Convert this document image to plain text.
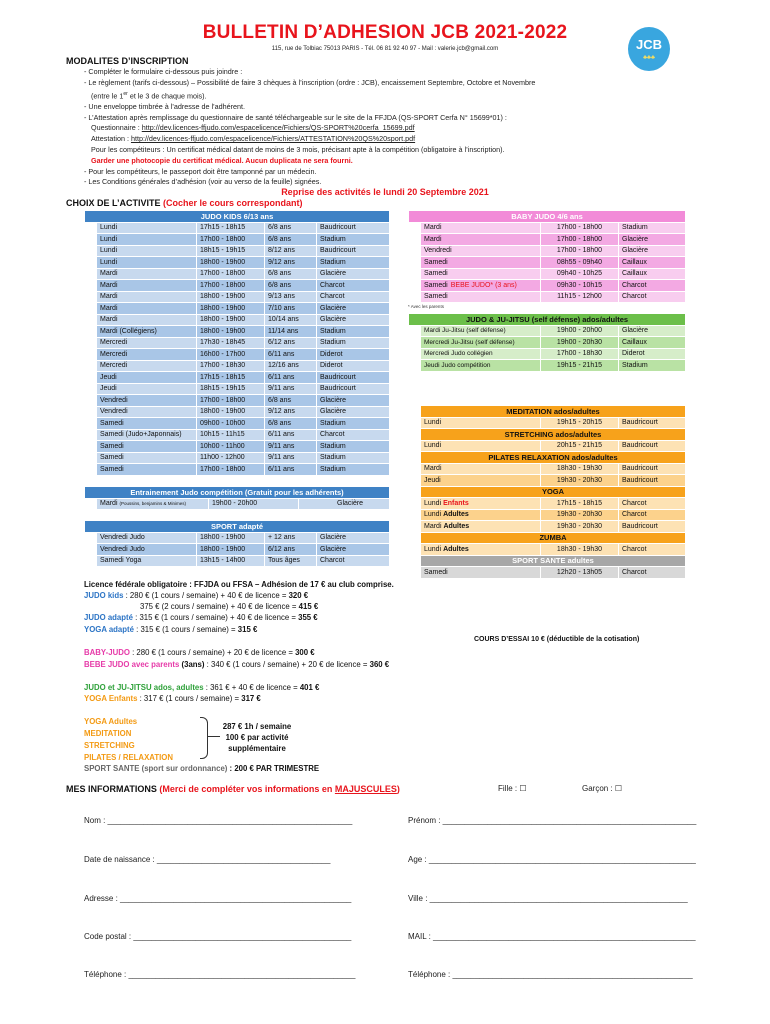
BULLETIN D’ADHESION JCB 2021-2022
115, rue de Tolbiac 75013 PARIS - Tél. 06 81 92 40 97 - Mail : valerie.jcb@gmail.com	JCB
♣♣♣
MODALITES D’INSCRIPTION
- Compléter le formulaire ci-dessous puis joindre :
- Le règlement (tarifs ci-dessous) – Possibilité de faire 3 chèques à l’inscription (ordre : JCB), encaissement Septembre, Octobre et Novembre
(entre le 1er et le 3 de chaque mois).
- Une enveloppe timbrée à l’adresse de l’adhérent.
- L’Attestation après remplissage du questionnaire de santé téléchargeable sur le site de la FFJDA (QS-SPORT Cerfa N° 15699*01) :
Questionnaire : http://dev.licences-ffjudo.com/espacelicence/Fichiers/QS-SPORT%20cerfa_15699.pdf
Attestation : http://dev.licences-ffjudo.com/espacelicence/Fichiers/ATTESTATION%20QS%20sport.pdf
Pour les compétiteurs : Un certificat médical datant de moins de 3 mois, précisant apte à la compétition (obligatoire à l’inscription).
Garder une photocopie du certificat médical. Aucun duplicata ne sera fourni.
- Pour les compétiteurs, le passeport doit être tamponné par un médecin.
- Les Conditions générales d’adhésion (voir au verso de la feuille) signées.
Reprise des activités le lundi 20 Septembre 2021
CHOIX DE L’ACTIVITE (Cocher le cours correspondant)
JUDO KIDS 6/13 ans				
	Lundi	17h15 - 18h15	6/8 ans	Baudricourt
	Lundi	17h00 - 18h00	6/8 ans	Stadium
	Lundi	18h15 - 19h15	8/12 ans	Baudricourt
	Lundi	18h00 - 19h00	9/12 ans	Stadium
	Mardi	17h00 - 18h00	6/8 ans	Glacière
	Mardi	17h00 - 18h00	6/8 ans	Charcot
	Mardi	18h00 - 19h00	9/13 ans	Charcot
	Mardi	18h00 - 19h00	7/10 ans	Glacière
	Mardi	18h00 - 19h00	10/14 ans	Glacière
	Mardi (Collégiens)	18h00 - 19h00	11/14 ans	Stadium
	Mercredi	17h30 - 18h45	6/12 ans	Stadium
	Mercredi	16h00 - 17h00	6/11 ans	Diderot
	Mercredi	17h00 - 18h30	12/16 ans	Diderot
	Jeudi	17h15 - 18h15	6/11 ans	Baudricourt
	Jeudi	18h15 - 19h15	9/11 ans	Baudricourt
	Vendredi	17h00 - 18h00	6/8 ans	Glacière
	Vendredi	18h00 - 19h00	9/12 ans	Glacière
	Samedi	09h00 - 10h00	6/8 ans	Stadium
	Samedi (Judo+Japonnais)	10h15 - 11h15	6/11 ans	Charcot
	Samedi	10h00 - 11h00	9/11 ans	Stadium
	Samedi	11h00 - 12h00	9/11 ans	Stadium
	Samedi	17h00 - 18h00	6/11 ans	Stadium
Entrainement Judo compétition (Gratuit pour les adhérents)
	Mardi (Poussins, benjamins & Minimes)	19h00 - 20h00	Glacière
SPORT adapté				
	Vendredi Judo	18h00 - 19h00	+ 12 ans	Glacière
	Vendredi Judo	18h00 - 19h00	6/12 ans	Glacière
	Samedi Yoga	13h15 - 14h00	Tous âges	Charcot
BABY JUDO 4/6 ans			
	Mardi	17h00 - 18h00	Stadium
	Mardi	17h00 - 18h00	Glacière
	Vendredi	17h00 - 18h00	Glacière
	Samedi	08h55 - 09h40	Caillaux
	Samedi	09h40 - 10h25	Caillaux
	Samedi BEBE JUDO* (3 ans)	09h30 - 10h15	Charcot
	Samedi	11h15 - 12h00	Charcot
* Avec les parents
JUDO & JU-JITSU (self défense) ados/adultes			
	Mardi Ju-Jitsu (self défense)	19h00 - 20h00	Glacière
	Mercredi Ju-Jitsu (self défense)	19h00 - 20h30	Caillaux
	Mercredi Judo collégien	17h00 - 18h30	Diderot
	Jeudi Judo compétition	19h15 - 21h15	Stadium
	MEDITATION ados/adultes		
	Lundi	19h15 - 20h15	Baudricourt
	STRETCHING ados/adultes		
	Lundi	20h15 - 21h15	Baudricourt
	PILATES RELAXATION ados/adultes		
	Mardi	18h30 - 19h30	Baudricourt
	Jeudi	19h30 - 20h30	Baudricourt
	YOGA		
	Lundi Enfants	17h15 - 18h15	Charcot
	Lundi Adultes	19h30 - 20h30	Charcot
	Mardi Adultes	19h30 - 20h30	Baudricourt
	ZUMBA		
	Lundi Adultes	18h30 - 19h30	Charcot
	SPORT SANTE adultes		
	Samedi	12h20 - 13h05	Charcot
Licence fédérale obligatoire : FFJDA ou FFSA – Adhésion de 17 € au club comprise.
JUDO kids : 280 € (1 cours / semaine) + 40 € de licence = 320 €
375 € (2 cours / semaine) + 40 € de licence = 415 €
JUDO adapté : 315 € (1 cours / semaine) + 40 € de licence = 355 €
YOGA adapté : 315 € (1 cours / semaine) = 315 €
COURS D’ESSAI 10 € (déductible de la cotisation)
BABY-JUDO : 280 € (1 cours / semaine) + 20 € de licence = 300 €
BEBE JUDO avec parents (3ans) : 340 € (1 cours / semaine) + 20 € de licence = 360 €
JUDO et JU-JITSU ados, adultes : 361 € + 40 € de licence = 401 €
YOGA Enfants : 317 € (1 cours / semaine) = 317 €
YOGA Adultes
MEDITATION
STRETCHING
PILATES / RELAXATION
287 € 1h / semaine
100 € par activité
supplémentaire
SPORT SANTE (sport sur ordonnance) : 200 € PAR TRIMESTRE
MES INFORMATIONS (Merci de compléter vos informations en MAJUSCULES)	Fille : ☐	Garçon : ☐
Nom : _______________________________________________________
Date de naissance : _______________________________________
Adresse : ____________________________________________________
Code postal : _________________________________________________
Téléphone : ___________________________________________________
Prénom : _________________________________________________________
Age : ____________________________________________________________
Ville : __________________________________________________________
MAIL : ___________________________________________________________
Téléphone : ______________________________________________________
